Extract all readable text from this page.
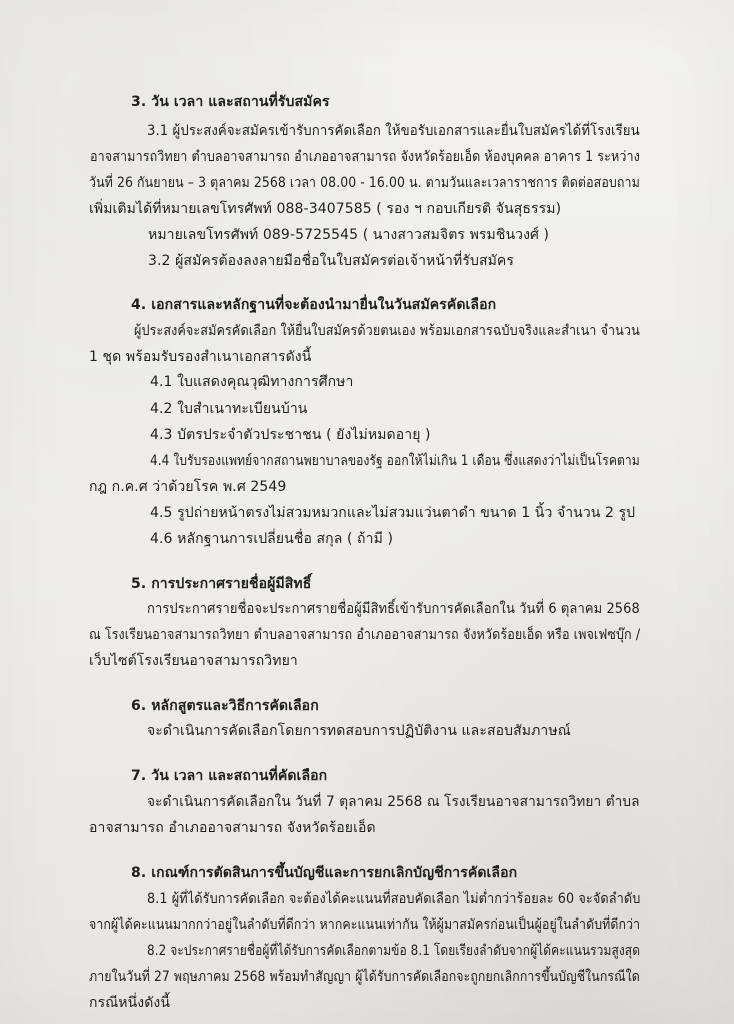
3. วัน เวลา และสถานที่รับสมัคร
3.1 ผู้ประสงค์จะสมัครเข้ารับการคัดเลือก ให้ขอรับเอกสารและยื่นใบสมัครได้ที่โรงเรียน
อาจสามารถวิทยา ตำบลอาจสามารถ อำเภออาจสามารถ จังหวัดร้อยเอ็ด ห้องบุคคล อาคาร 1 ระหว่าง
วันที่ 26 กันยายน – 3 ตุลาคม 2568 เวลา 08.00 - 16.00 น. ตามวันและเวลาราชการ ติดต่อสอบถาม
เพิ่มเติมได้ที่หมายเลขโทรศัพท์ 088-3407585 ( รอง ฯ กอบเกียรติ จันสุธรรม)
หมายเลขโทรศัพท์ 089-5725545 ( นางสาวสมจิตร พรมชินวงศ์ )
3.2 ผู้สมัครต้องลงลายมือชื่อในใบสมัครต่อเจ้าหน้าที่รับสมัคร
4. เอกสารและหลักฐานที่จะต้องนำมายื่นในวันสมัครคัดเลือก
ผู้ประสงค์จะสมัครคัดเลือก ให้ยื่นใบสมัครด้วยตนเอง พร้อมเอกสารฉบับจริงและสำเนา จำนวน
1 ชุด พร้อมรับรองสำเนาเอกสารดังนี้
4.1 ใบแสดงคุณวุฒิทางการศึกษา
4.2 ใบสำเนาทะเบียนบ้าน
4.3 บัตรประจำตัวประชาชน ( ยังไม่หมดอายุ )
4.4 ใบรับรองแพทย์จากสถานพยาบาลของรัฐ ออกให้ไม่เกิน 1 เดือน ซึ่งแสดงว่าไม่เป็นโรคตาม
กฎ ก.ค.ศ ว่าด้วยโรค พ.ศ 2549
4.5 รูปถ่ายหน้าตรงไม่สวมหมวกและไม่สวมแว่นตาดำ ขนาด 1 นิ้ว จำนวน 2 รูป
4.6 หลักฐานการเปลี่ยนชื่อ สกุล ( ถ้ามี )
5. การประกาศรายชื่อผู้มีสิทธิ์
การประกาศรายชื่อจะประกาศรายชื่อผู้มีสิทธิ์เข้ารับการคัดเลือกใน วันที่ 6 ตุลาคม 2568
ณ โรงเรียนอาจสามารถวิทยา ตำบลอาจสามารถ อำเภออาจสามารถ จังหวัดร้อยเอ็ด หรือ เพจเฟซบุ๊ก /
เว็บไซต์โรงเรียนอาจสามารถวิทยา
6. หลักสูตรและวิธีการคัดเลือก
จะดำเนินการคัดเลือกโดยการทดสอบการปฏิบัติงาน และสอบสัมภาษณ์
7. วัน เวลา และสถานที่คัดเลือก
จะดำเนินการคัดเลือกใน วันที่ 7 ตุลาคม 2568 ณ โรงเรียนอาจสามารถวิทยา ตำบล
อาจสามารถ อำเภออาจสามารถ จังหวัดร้อยเอ็ด
8. เกณฑ์การตัดสินการขึ้นบัญชีและการยกเลิกบัญชีการคัดเลือก
8.1 ผู้ที่ได้รับการคัดเลือก จะต้องได้คะแนนที่สอบคัดเลือก ไม่ต่ำกว่าร้อยละ 60 จะจัดลำดับ
จากผู้ได้คะแนนมากกว่าอยู่ในลำดับที่ดีกว่า หากคะแนนเท่ากัน ให้ผู้มาสมัครก่อนเป็นผู้อยู่ในลำดับที่ดีกว่า
8.2 จะประกาศรายชื่อผู้ที่ได้รับการคัดเลือกตามข้อ 8.1 โดยเรียงลำดับจากผู้ได้คะแนนรวมสูงสุด
ภายในวันที่ 27 พฤษภาคม 2568 พร้อมทำสัญญา ผู้ได้รับการคัดเลือกจะถูกยกเลิกการขึ้นบัญชีในกรณีใด
กรณีหนึ่งดังนี้
